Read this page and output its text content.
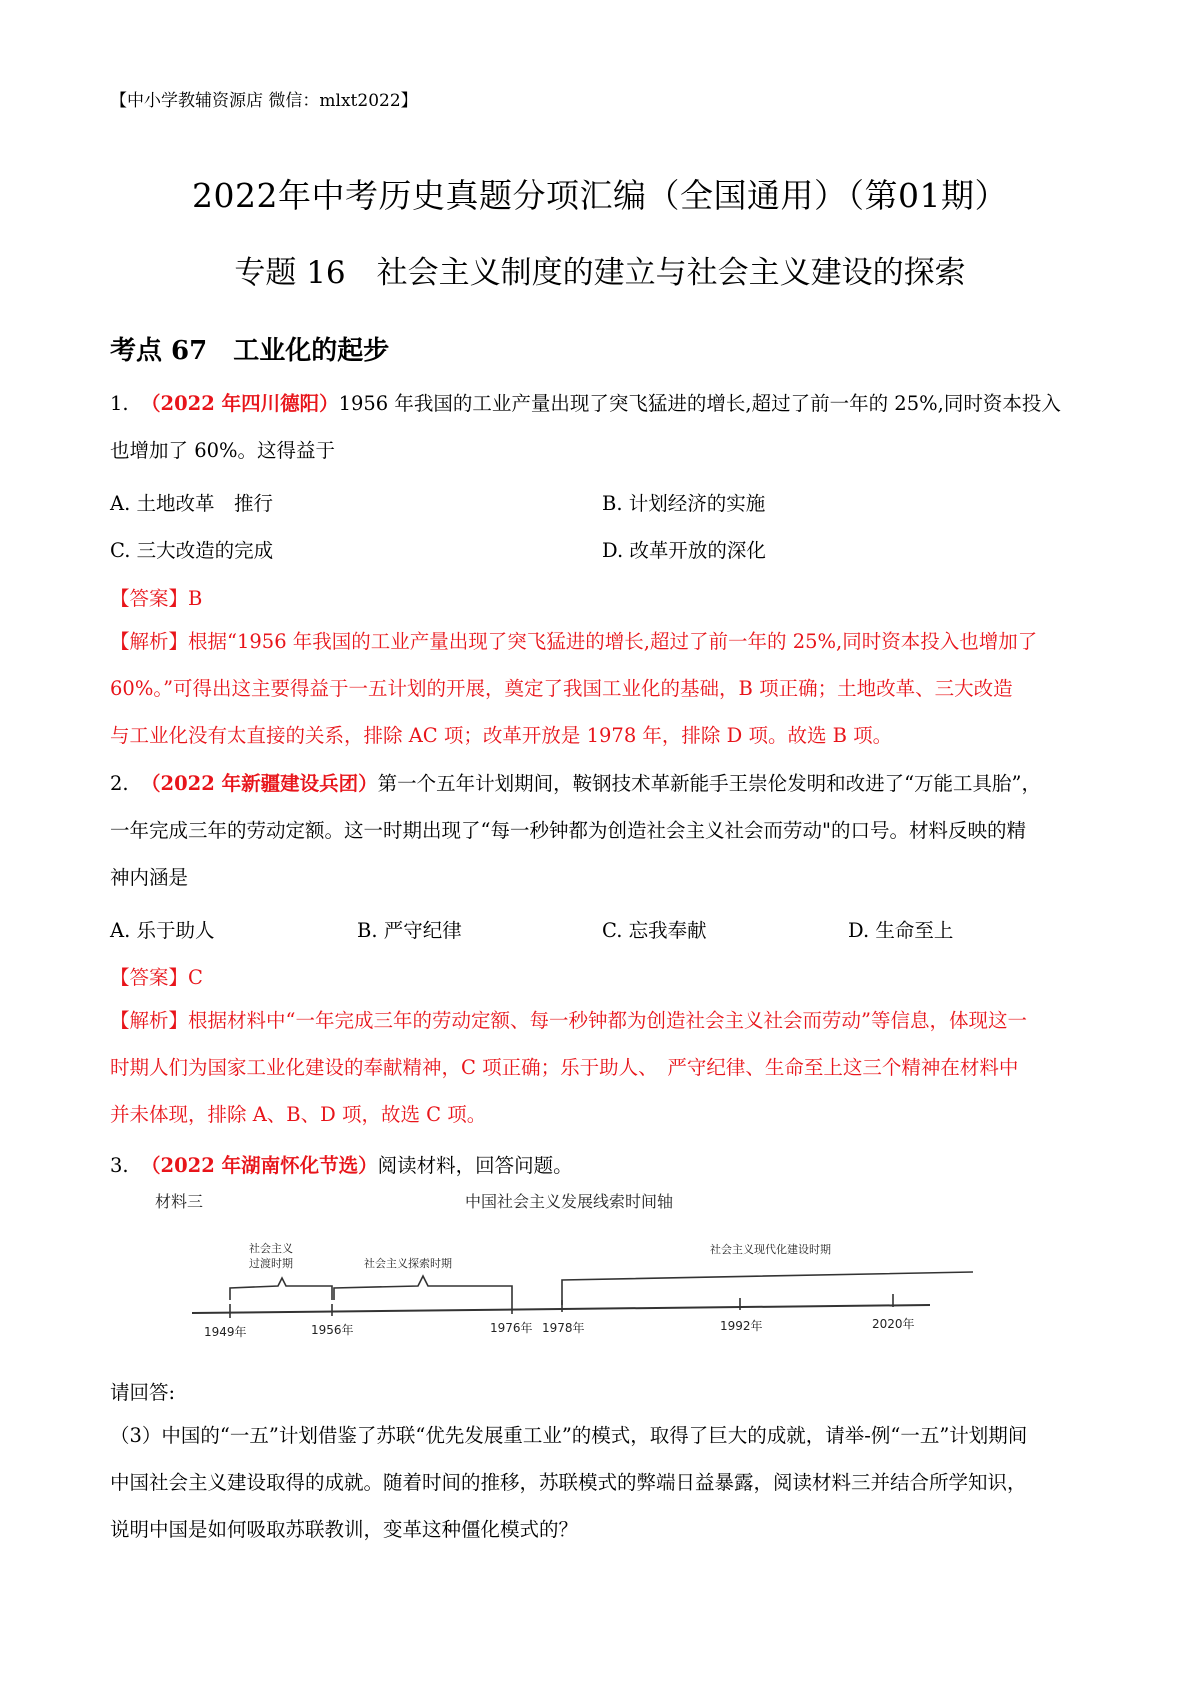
【中小学教辅资源店 微信：mlxt2022】
2022年中考历史真题分项汇编（全国通用）（第01期）
专题 16　社会主义制度的建立与社会主义建设的探索
考点 67　工业化的起步
1. （2022 年四川德阳）1956 年我国的工业产量出现了突飞猛进的增长,超过了前一年的 25%,同时资本投入
也增加了 60%。这得益于
A. 土地改革　推行	B. 计划经济的实施
C. 三大改造的完成	D. 改革开放的深化
【答案】B
【解析】根据“1956 年我国的工业产量出现了突飞猛进的增长,超过了前一年的 25%,同时资本投入也增加了
60%。”可得出这主要得益于一五计划的开展，奠定了我国工业化的基础，B 项正确；土地改革、三大改造
与工业化没有太直接的关系，排除 AC 项；改革开放是 1978 年，排除 D 项。故选 B 项。
2. （2022 年新疆建设兵团）第一个五年计划期间，鞍钢技术革新能手王崇伦发明和改进了“万能工具胎”，
一年完成三年的劳动定额。这一时期出现了“每一秒钟都为创造社会主义社会而劳动"的口号。材料反映的精
神内涵是
A. 乐于助人	B. 严守纪律	C. 忘我奉献	D. 生命至上
【答案】C
【解析】根据材料中“一年完成三年的劳动定额、每一秒钟都为创造社会主义社会而劳动”等信息，体现这一
时期人们为国家工业化建设的奉献精神，C 项正确；乐于助人、　严守纪律、生命至上这三个精神在材料中
并未体现，排除 A、B、D 项，故选 C 项。
3. （2022 年湖南怀化节选）阅读材料，回答问题。
材料三	中国社会主义发展线索时间轴
社会主义
过渡时期	社会主义探索时期
社会主义现代化建设时期
1949年	1956年	1976年 1978年	1992年	2020年
请回答:
（3）中国的“一五”计划借鉴了苏联“优先发展重工业”的模式，取得了巨大的成就，请举-例“一五”计划期间
中国社会主义建设取得的成就。随着时间的推移，苏联模式的弊端日益暴露，阅读材料三并结合所学知识，
说明中国是如何吸取苏联教训，变革这种僵化模式的？
